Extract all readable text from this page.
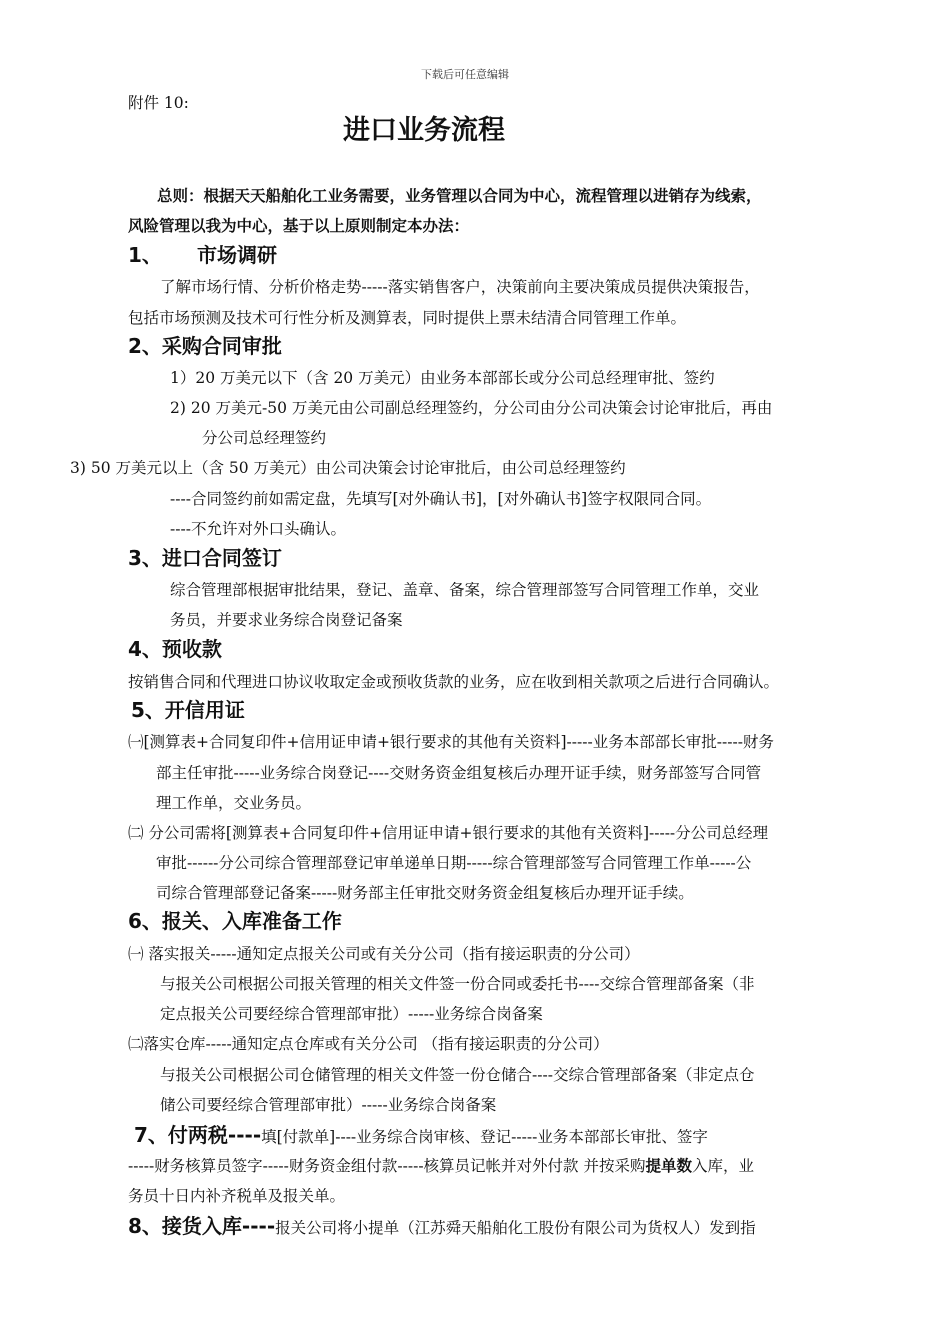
下载后可任意编辑
附件 10:
进口业务流程
总则：根据天天船舶化工业务需要，业务管理以合同为中心，流程管理以进销存为线索，
风险管理以我为中心，基于以上原则制定本办法：
1、 市场调研
了解市场行情、分析价格走势-----落实销售客户，决策前向主要决策成员提供决策报告，
包括市场预测及技术可行性分析及测算表，同时提供上票未结清合同管理工作单。
2、采购合同审批
1）20 万美元以下（含 20 万美元）由业务本部部长或分公司总经理审批、签约
2) 20 万美元-50 万美元由公司副总经理签约，分公司由分公司决策会讨论审批后，再由
分公司总经理签约
3) 50 万美元以上（含 50 万美元）由公司决策会讨论审批后，由公司总经理签约
----合同签约前如需定盘，先填写[对外确认书]，[对外确认书]签字权限同合同。
----不允许对外口头确认。
3、进口合同签订
综合管理部根据审批结果，登记、盖章、备案，综合管理部签写合同管理工作单，交业
务员，并要求业务综合岗登记备案
4、预收款
按销售合同和代理进口协议收取定金或预收货款的业务，应在收到相关款项之后进行合同确认。
5、开信用证
㈠[测算表+合同复印件+信用证申请+银行要求的其他有关资料]-----业务本部部长审批-----财务
部主任审批-----业务综合岗登记----交财务资金组复核后办理开证手续，财务部签写合同管
理工作单，交业务员。
㈡ 分公司需将[测算表+合同复印件+信用证申请+银行要求的其他有关资料]-----分公司总经理
审批------分公司综合管理部登记审单递单日期-----综合管理部签写合同管理工作单-----公
司综合管理部登记备案-----财务部主任审批交财务资金组复核后办理开证手续。
6、报关、入库准备工作
㈠ 落实报关-----通知定点报关公司或有关分公司（指有接运职责的分公司）
与报关公司根据公司报关管理的相关文件签一份合同或委托书----交综合管理部备案（非
定点报关公司要经综合管理部审批）-----业务综合岗备案
㈡落实仓库-----通知定点仓库或有关分公司 （指有接运职责的分公司）
与报关公司根据公司仓储管理的相关文件签一份仓储合----交综合管理部备案（非定点仓
储公司要经综合管理部审批）-----业务综合岗备案
7、付两税----填[付款单]----业务综合岗审核、登记-----业务本部部长审批、签字
-----财务核算员签字-----财务资金组付款-----核算员记帐并对外付款 并按采购提单数入库，业
务员十日内补齐税单及报关单。
8、接货入库----报关公司将小提单（江苏舜天船舶化工股份有限公司为货权人）发到指
